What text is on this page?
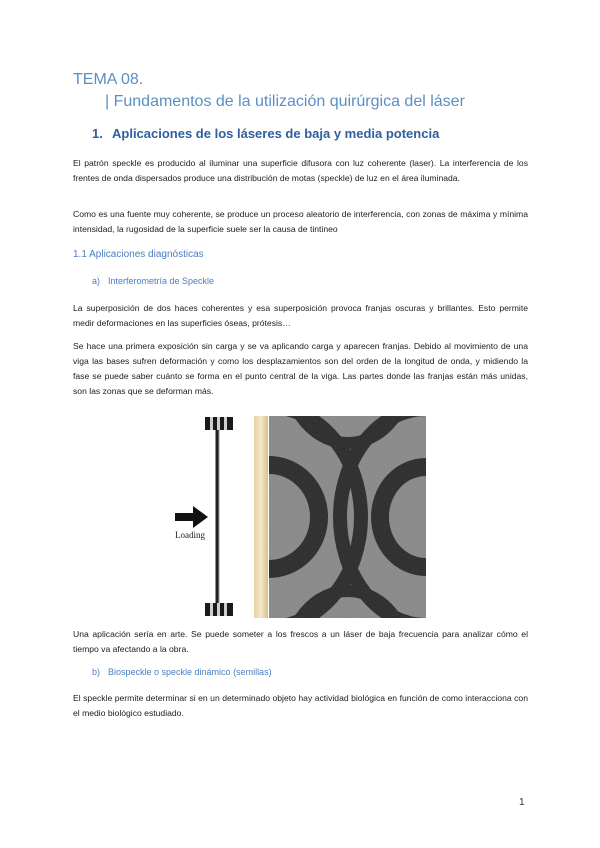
TEMA 08.
| Fundamentos de la utilización quirúrgica del láser
1. Aplicaciones de los láseres de baja y media potencia
El patrón speckle es producido al iluminar una superficie difusora con luz coherente (laser). La interferencia de los frentes de onda dispersados produce una distribución de motas (speckle) de luz en el área iluminada.
Como es una fuente muy coherente, se produce un proceso aleatorio de interferencia, con zonas de máxima y mínima intensidad, la rugosidad de la superficie suele ser la causa de tintineo
1.1 Aplicaciones diagnósticas
a) Interferometría de Speckle
La superposición de dos haces coherentes y esa superposición provoca franjas oscuras y brillantes. Esto permite medir deformaciones en las superficies óseas, prótesis…
Se hace una primera exposición sin carga y se va aplicando carga y aparecen franjas. Debido al movimiento de una viga las bases sufren deformación y como los desplazamientos son del orden de la longitud de onda, y midiendo la fase se puede saber cuánto se forma en el punto central de la viga. Las partes donde las franjas están más unidas, son las zonas que se deforman más.
Loading
Una aplicación sería en arte. Se puede someter a los frescos a un láser de baja frecuencia para analizar cómo el tiempo va afectando a la obra.
b) Biospeckle o speckle dinámico (semillas)
El speckle permite determinar si en un determinado objeto hay actividad biológica en función de como interacciona con el medio biológico estudiado.
1
